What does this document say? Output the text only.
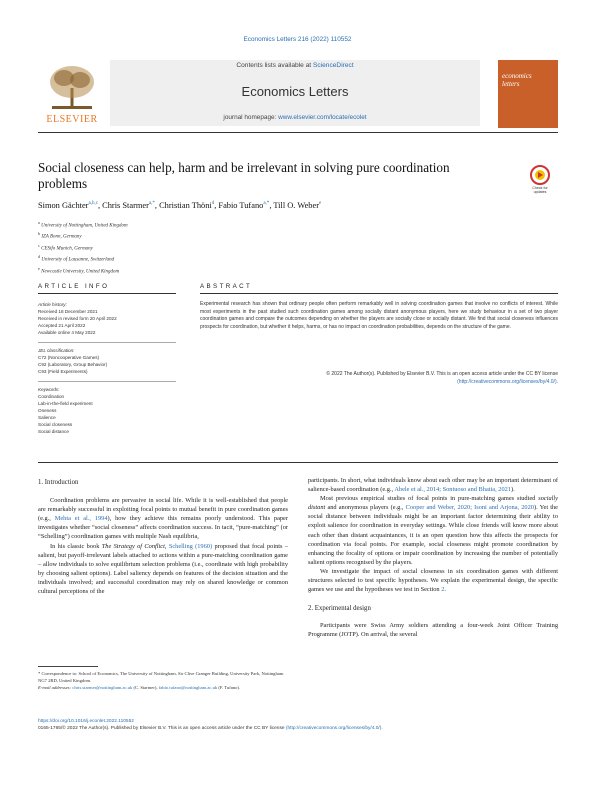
Economics Letters 216 (2022) 110552
Contents lists available at ScienceDirect
Economics Letters
journal homepage: www.elsevier.com/locate/ecolet
ELSEVIER
economics
letters
Social closeness can help, harm and be irrelevant in solving pure coordination problems	Check for
updates
Simon Gächter$^{a,b,c}$, Chris Starmer$^{a,*}$, Christian Thöni$^d$, Fabio Tufano$^{a,*}$, Till O. Weber$^e$
$^a$ University of Nottingham, United Kingdom
$^b$ IZA Bonn, Germany
$^c$ CESifo Munich, Germany
$^d$ University of Lausanne, Switzerland
$^e$ Newcastle University, United Kingdom
ARTICLE INFO	ABSTRACT
Article history:
Received 18 December 2021
Received in revised form 20 April 2022
Accepted 21 April 2022
Available online 4 May 2022
JEL classification:
C72 (Noncooperative Games)
C92 (Laboratory, Group Behavior)
C93 (Field Experiments)
Keywords:
Coordination
Lab-in-the-field experiment
Oneness
Salience
Social closeness
Social distance
Experimental research has shown that ordinary people often perform remarkably well in solving coordination games that involve no conflicts of interest. While most experiments in the past studied such coordination games among socially distant anonymous players, here we study behaviour in a set of two player coordination games and compare the outcomes depending on whether the players are socially close or socially distant. We find that social closeness influences prospects for coordination, but whether it helps, harms, or has no impact on coordination probabilities, depends on the structure of the game.
© 2022 The Author(s). Published by Elsevier B.V. This is an open access article under the CC BY license
(http://creativecommons.org/licenses/by/4.0/).
1. Introduction

Coordination problems are pervasive in social life. While it is well-established that people are remarkably successful in exploiting focal points to mutual benefit in pure coordination games (e.g., Mehta et al., 1994), how they achieve this remains poorly understood. This paper investigates whether “social closeness” affects coordination success. In tacit, “pure-matching” (or “Schelling”) coordination games with multiple Nash equilibria,

In his classic book The Strategy of Conflict, Schelling (1960) proposed that focal points – salient, but payoff-irrelevant labels attached to actions within a pure-matching coordination game – allow individuals to solve equilibrium selection problems (i.e., coordinate with high probability by choosing salient options). Label saliency depends on features of the decision situation and the individuals involved; and successful coordination may rely on shared knowledge or common cultural perceptions of the

* Correspondence to: School of Economics, The University of Nottingham, Sir Clive Granger Building, University Park, Nottingham NG7 2RD, United Kingdom.
E-mail addresses: chris.starmer@nottingham.ac.uk (C. Starmer), fabio.tufano@nottingham.ac.uk (F. Tufano).

participants. In short, what individuals know about each other may be an important determinant of salience-based coordination (e.g., Abele et al., 2014; Sontuoso and Bhatia, 2021).

Most previous empirical studies of focal points in pure-matching games studied socially distant and anonymous players (e.g., Cooper and Weber, 2020; Isoni and Arjona, 2020). Yet the social distance between individuals might be an important factor determining their ability to exploit salience for coordination in everyday settings. While close friends will know more about each other than distant acquaintances, it is an open question how this affects the prospects for coordination via focal points. For example, social closeness might promote coordination by enhancing the focality of options or impair coordination by increasing the number of potentially salient options recognised by the players.

We investigate the impact of social closeness in six coordination games with different structures selected to test specific hypotheses. We explain the experimental design, the specific games we use and the hypotheses we test in Section 2.

2. Experimental design

Participants were Swiss Army soldiers attending a four-week Joint Officer Training Programme (JOTP). On arrival, the several

https://doi.org/10.1016/j.econlet.2022.110552
0165-1765/© 2022 The Author(s). Published by Elsevier B.V. This is an open access article under the CC BY license (http://creativecommons.org/licenses/by/4.0/).
